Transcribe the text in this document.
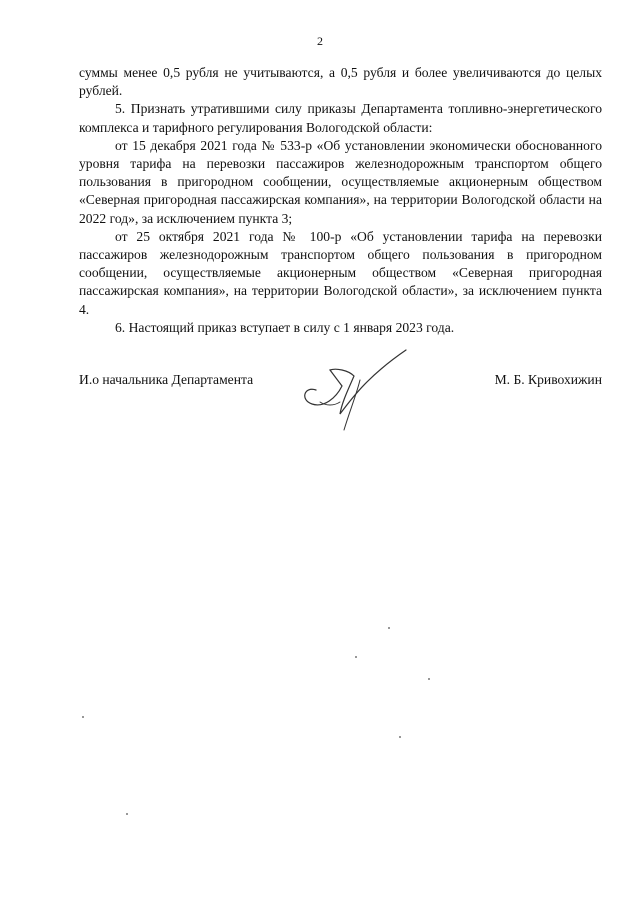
2

суммы менее 0,5 рубля не учитываются, а 0,5 рубля и более увеличиваются до целых рублей.

5. Признать утратившими силу приказы Департамента топливно-энергетического комплекса и тарифного регулирования Вологодской области:

от 15 декабря 2021 года № 533-р «Об установлении экономически обоснованного уровня тарифа на перевозки пассажиров железнодорожным транспортом общего пользования в пригородном сообщении, осуществляемые акционерным обществом «Северная пригородная пассажирская компания», на территории Вологодской области на 2022 год», за исключением пункта 3;

от 25 октября 2021 года № 100-р «Об установлении тарифа на перевозки пассажиров железнодорожным транспортом общего пользования в пригородном сообщении, осуществляемые акционерным обществом «Северная пригородная пассажирская компания», на территории Вологодской области», за исключением пункта 4.

6. Настоящий приказ вступает в силу с 1 января 2023 года.

И.о начальника Департамента	М. Б. Кривохижин
